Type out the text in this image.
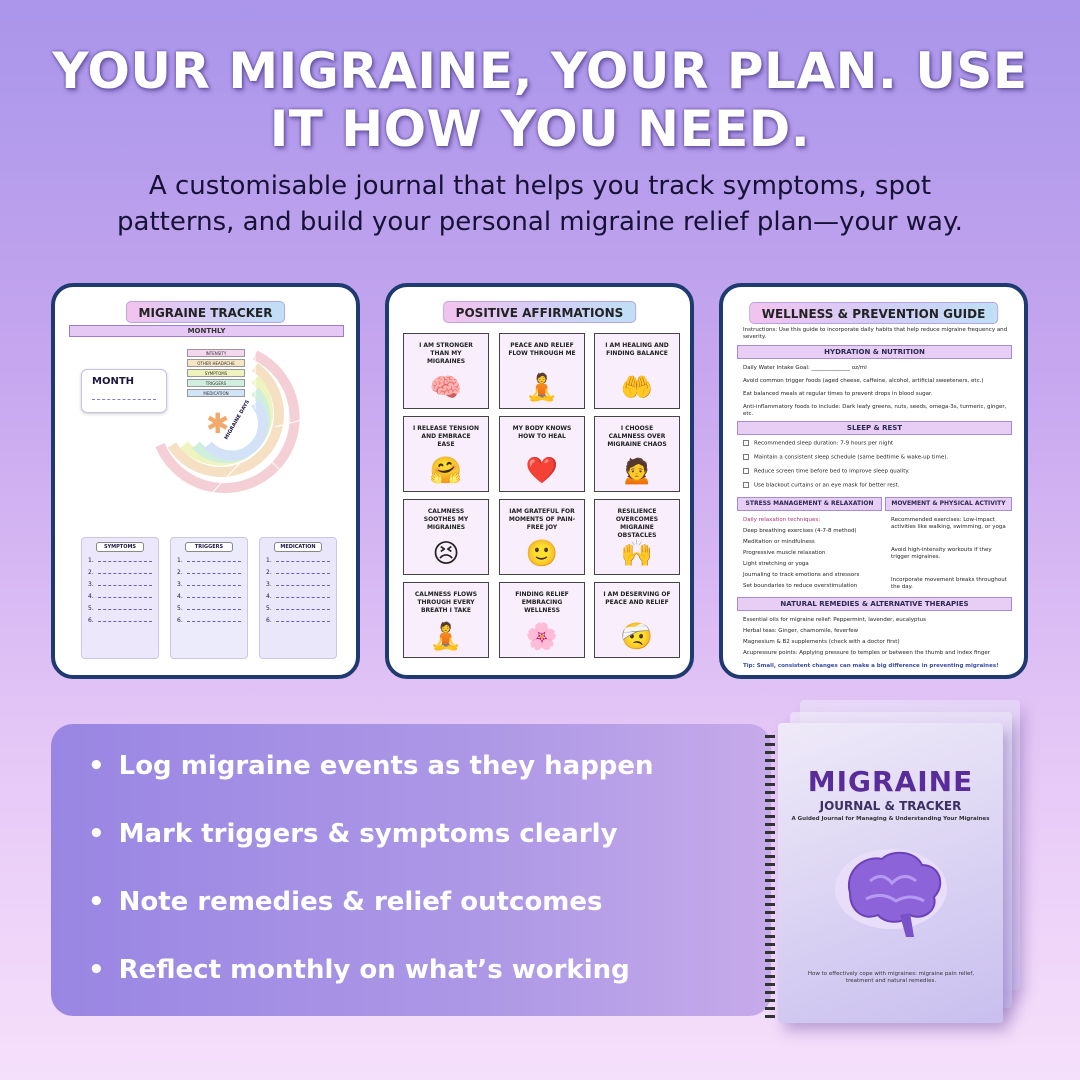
YOUR MIGRAINE, YOUR PLAN. USE
IT HOW YOU NEED.
A customisable journal that helps you track symptoms, spot
patterns, and build your personal migraine relief plan—your way.
MIGRAINE TRACKER
MONTHLY
MONTH
INTENSITY
OTHER HEADACHE
SYMPTOMS
TRIGGERS
MEDICATION
✱
MIGRAINE DAYS
SYMPTOMS
1.
2.
3.
4.
5.
6.
TRIGGERS
1.
2.
3.
4.
5.
6.
MEDICATION
1.
2.
3.
4.
5.
6.
POSITIVE AFFIRMATIONS
I AM STRONGER THAN MY MIGRAINES
🧠
PEACE AND RELIEF FLOW THROUGH ME
🧘
I AM HEALING AND FINDING BALANCE
🤲
I RELEASE TENSION AND EMBRACE EASE
🤗
MY BODY KNOWS HOW TO HEAL
❤️
I CHOOSE CALMNESS OVER MIGRAINE CHAOS
🙍
CALMNESS SOOTHES MY MIGRAINES
😣
IAM GRATEFUL FOR MOMENTS OF PAIN-FREE JOY
🙂
RESILIENCE OVERCOMES MIGRAINE OBSTACLES
🙌
CALMNESS FLOWS THROUGH EVERY BREATH I TAKE
🧘
FINDING RELIEF EMBRACING WELLNESS
🌸
I AM DESERVING OF PEACE AND RELIEF
🤕
WELLNESS & PREVENTION GUIDE
Instructions: Use this guide to incorporate daily habits that help reduce migraine frequency and severity.
HYDRATION & NUTRITION
Daily Water Intake Goal: ______________ oz/ml
Avoid common trigger foods (aged cheese, caffeine, alcohol, artificial sweeteners, etc.)
Eat balanced meals at regular times to prevent drops in blood sugar.
Anti-inflammatory foods to include: Dark leafy greens, nuts, seeds, omega-3s, turmeric, ginger, etc.
SLEEP & REST
Recommended sleep duration: 7-9 hours per night
Maintain a consistent sleep schedule (same bedtime & wake-up time).
Reduce screen time before bed to improve sleep quality.
Use blackout curtains or an eye mask for better rest.
STRESS MANAGEMENT & RELAXATION	MOVEMENT & PHYSICAL ACTIVITY
Daily relaxation techniques:
Deep breathing exercises (4-7-8 method)
Meditation or mindfulness
Progressive muscle relaxation
Light stretching or yoga
Journaling to track emotions and stressors
Set boundaries to reduce overstimulation
Recommended exercises: Low-impact activities like walking, swimming, or yoga
Avoid high-intensity workouts if they trigger migraines.
Incorporate movement breaks throughout the day.
NATURAL REMEDIES & ALTERNATIVE THERAPIES
Essential oils for migraine relief: Peppermint, lavender, eucalyptus
Herbal teas: Ginger, chamomile, feverfew
Magnesium & B2 supplements (check with a doctor first)
Acupressure points: Applying pressure to temples or between the thumb and index finger
Tip: Small, consistent changes can make a big difference in preventing migraines!
• Log migraine events as they happen
• Mark triggers & symptoms clearly
• Note remedies & relief outcomes
• Reflect monthly on what’s working
MIGRAINE
JOURNAL & TRACKER
A Guided Journal for Managing & Understanding Your Migraines
How to effectively cope with migraines: migraine pain relief, treatment and natural remedies.
